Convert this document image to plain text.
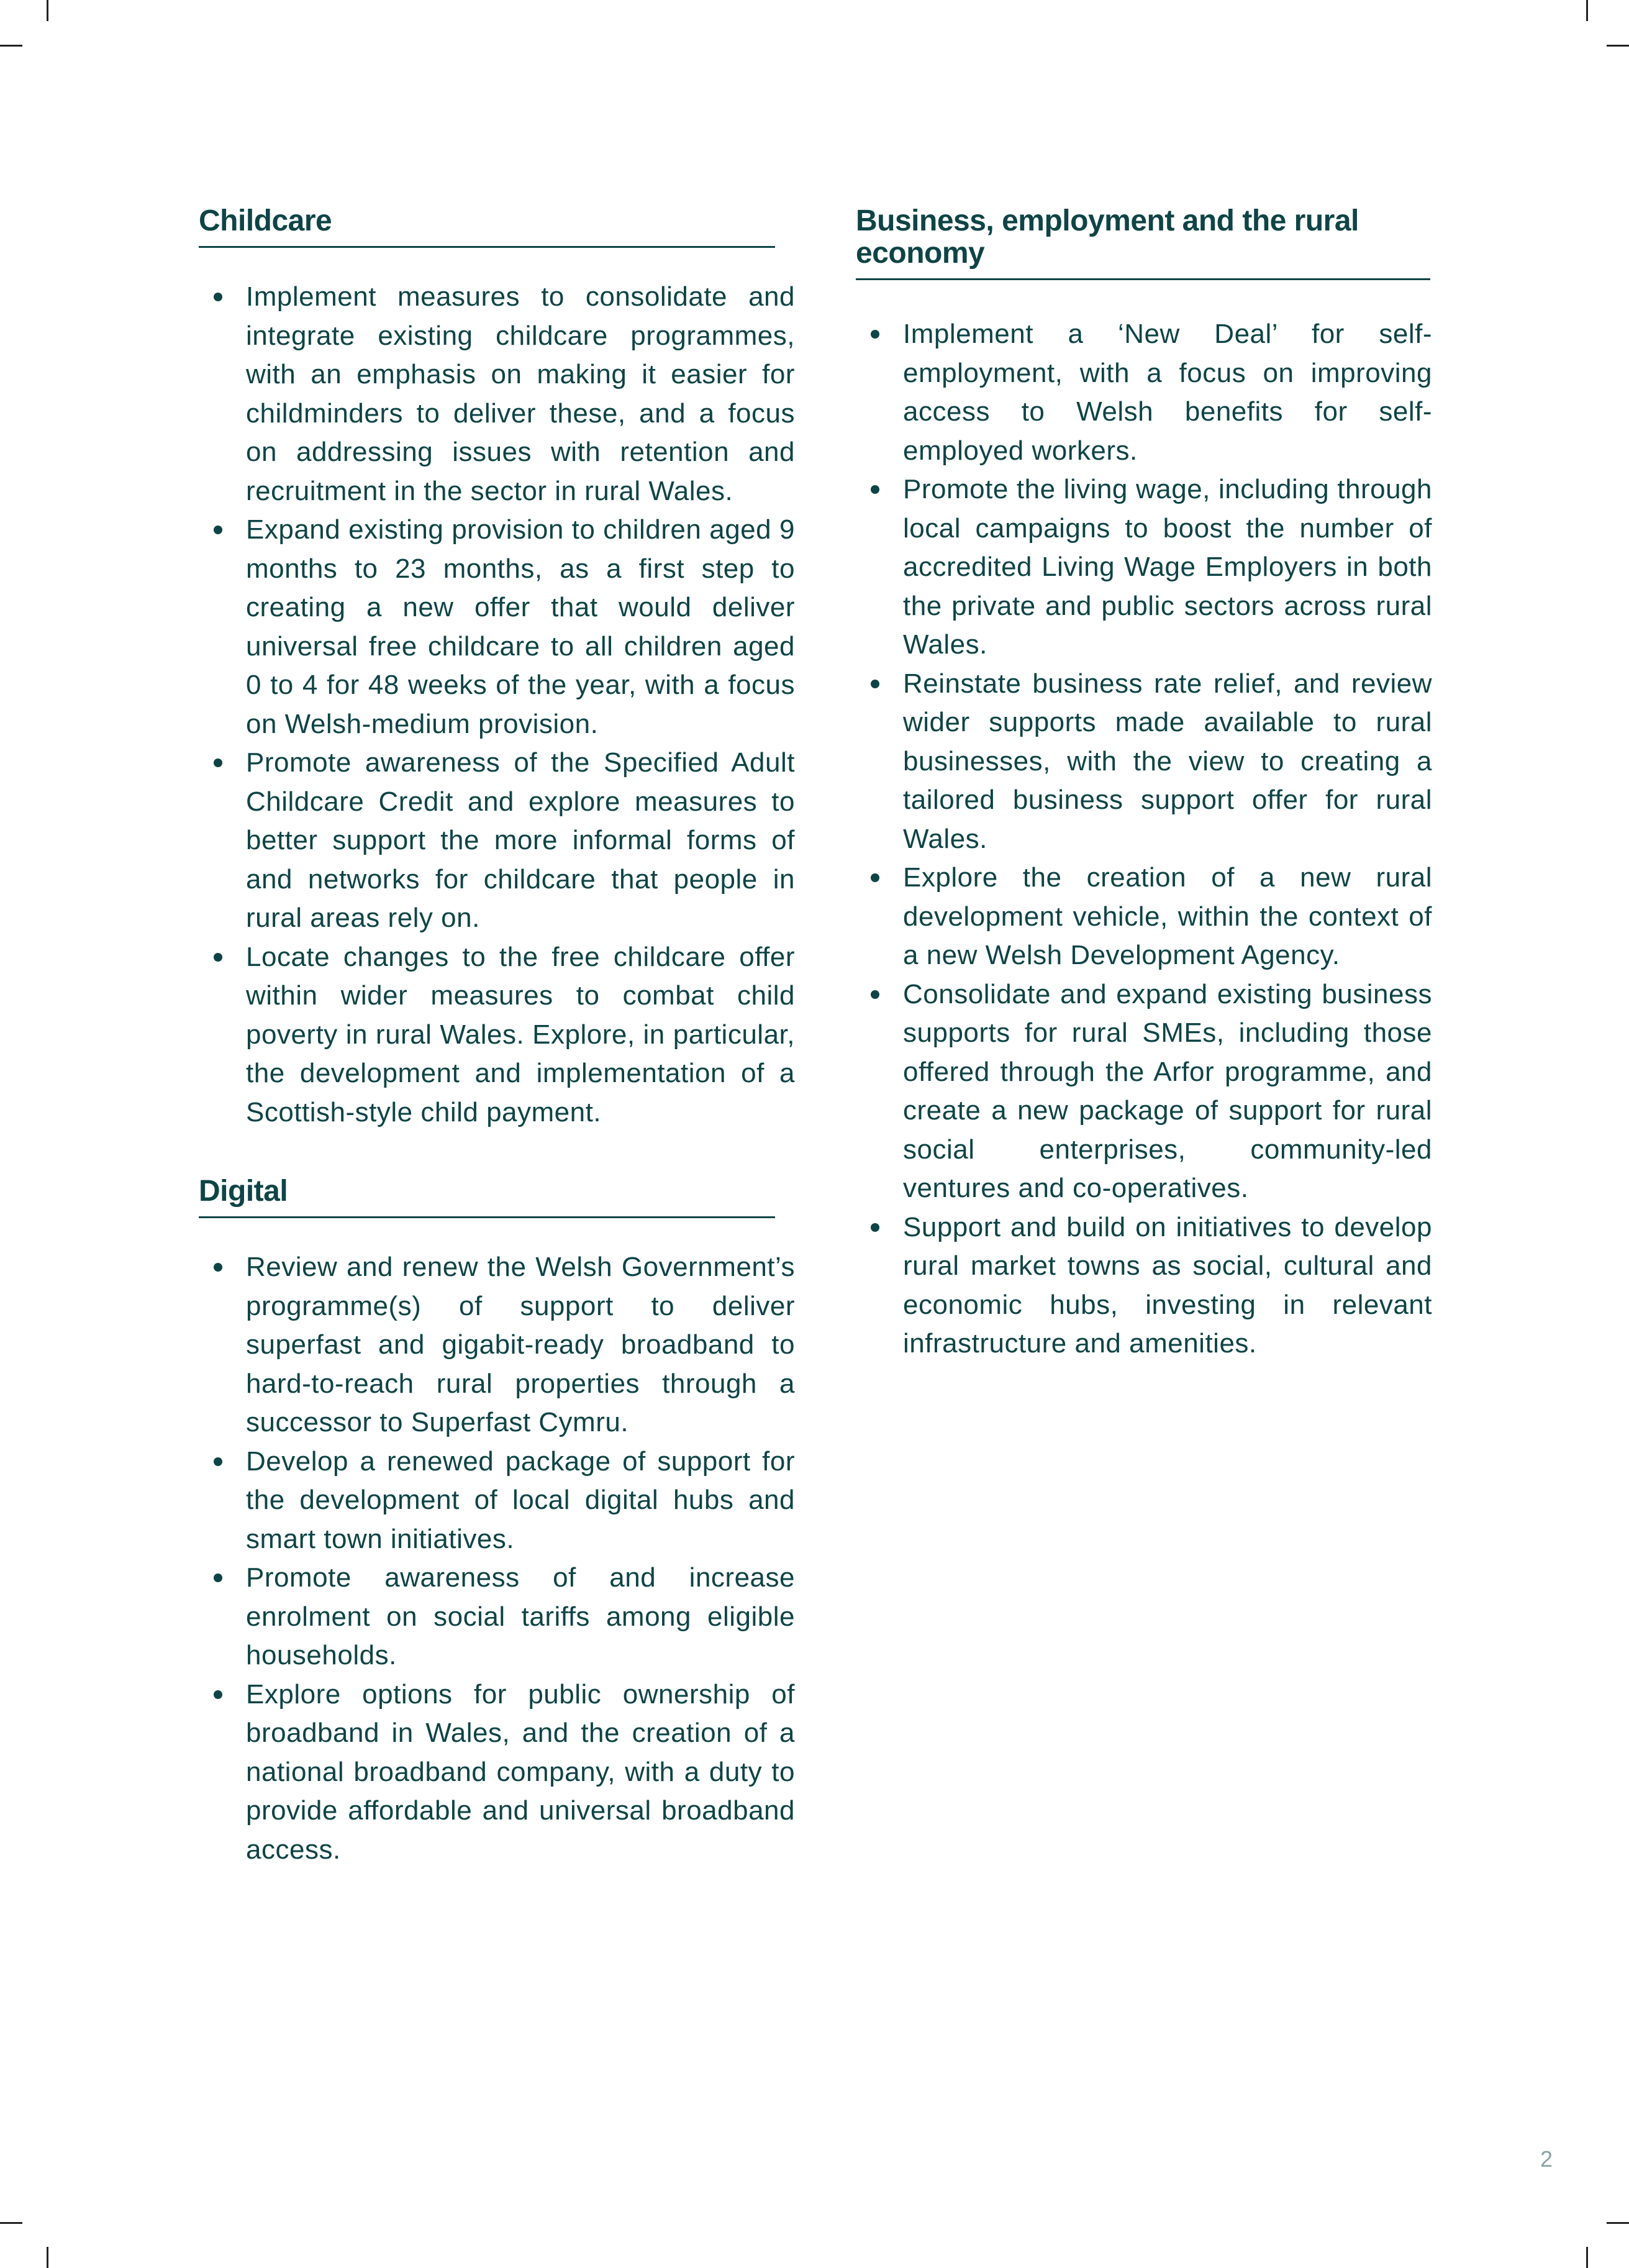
Childcare
Implement measures to consolidate and integrate existing childcare programmes, with an emphasis on making it easier for childminders to deliver these, and a focus on addressing issues with retention and recruitment in the sector in rural Wales.
Expand existing provision to children aged 9 months to 23 months, as a first step to creating a new offer that would deliver universal free childcare to all children aged 0 to 4 for 48 weeks of the year, with a focus on Welsh-medium provision.
Promote awareness of the Specified Adult Childcare Credit and explore measures to better support the more informal forms of and networks for childcare that people in rural areas rely on.
Locate changes to the free childcare offer within wider measures to combat child poverty in rural Wales. Explore, in particular, the development and implementation of a Scottish-style child payment.
Digital
Review and renew the Welsh Government’s programme(s) of support to deliver superfast and gigabit-ready broadband to hard-to-reach rural properties through a successor to Superfast Cymru.
Develop a renewed package of support for the development of local digital hubs and smart town initiatives.
Promote awareness of and increase enrolment on social tariffs among eligible households.
Explore options for public ownership of broadband in Wales, and the creation of a national broadband company, with a duty to provide affordable and universal broadband access.
Business, employment and the rural economy
Implement a ‘New Deal’ for self-employment, with a focus on improving access to Welsh benefits for self-employed workers.
Promote the living wage, including through local campaigns to boost the number of accredited Living Wage Employers in both the private and public sectors across rural Wales.
Reinstate business rate relief, and review wider supports made available to rural businesses, with the view to creating a tailored business support offer for rural Wales.
Explore the creation of a new rural development vehicle, within the context of a new Welsh Development Agency.
Consolidate and expand existing business supports for rural SMEs, including those offered through the Arfor programme, and create a new package of support for rural social enterprises, community-led ventures and co-operatives.
Support and build on initiatives to develop rural market towns as social, cultural and economic hubs, investing in relevant infrastructure and amenities.
2
